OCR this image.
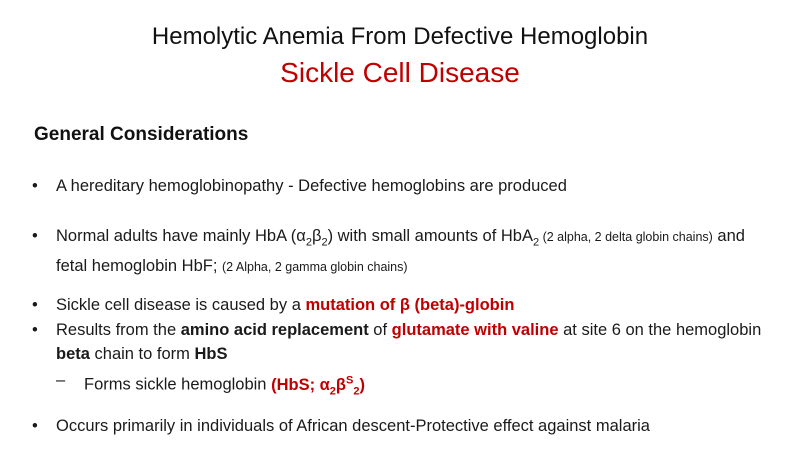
Hemolytic Anemia From Defective Hemoglobin
Sickle Cell Disease
General Considerations
• A hereditary hemoglobinopathy - Defective hemoglobins are produced
• Normal adults have mainly HbA $(\alpha_2\beta_2)$ with small amounts of HbA$_2$ (2 alpha, 2 delta globin chains) and fetal hemoglobin HbF; (2 Alpha, 2 gamma globin chains)
• Sickle cell disease is caused by a mutation of β (beta)-globin
• Results from the amino acid replacement of glutamate with valine at site 6 on the hemoglobin beta chain to form HbS
– Forms sickle hemoglobin (HbS; $\alpha_2\beta^S_2$)
• Occurs primarily in individuals of African descent-Protective effect against malaria
